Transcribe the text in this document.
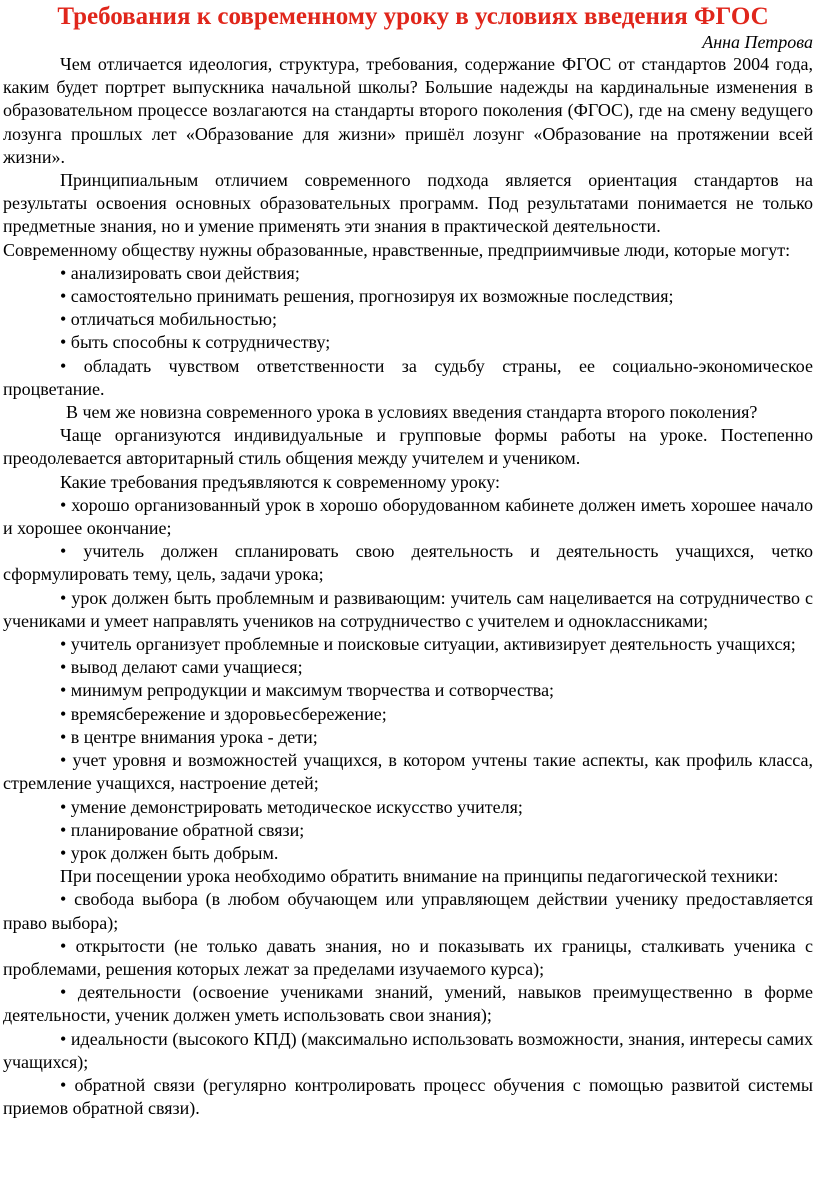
Требования к современному уроку в условиях введения ФГОС
Анна Петрова

Чем отличается идеология, структура, требования, содержание ФГОС от стандартов 2004 года, каким будет портрет выпускника начальной школы? Большие надежды на кардинальные изменения в образовательном процессе возлагаются на стандарты второго поколения (ФГОС), где на смену ведущего лозунга прошлых лет «Образование для жизни» пришёл лозунг «Образование на протяжении всей жизни».

Принципиальным отличием современного подхода является ориентация стандартов на результаты освоения основных образовательных программ. Под результатами понимается не только предметные знания, но и умение применять эти знания в практической деятельности.

Современному обществу нужны образованные, нравственные, предприимчивые люди, которые могут:

• анализировать свои действия;

• самостоятельно принимать решения, прогнозируя их возможные последствия;

• отличаться мобильностью;

• быть способны к сотрудничеству;

• обладать чувством ответственности за судьбу страны, ее социально-экономическое процветание.

В чем же новизна современного урока в условиях введения стандарта второго поколения?

Чаще организуются индивидуальные и групповые формы работы на уроке. Постепенно преодолевается авторитарный стиль общения между учителем и учеником.

Какие требования предъявляются к современному уроку:

• хорошо организованный урок в хорошо оборудованном кабинете должен иметь хорошее начало и хорошее окончание;

• учитель должен спланировать свою деятельность и деятельность учащихся, четко сформулировать тему, цель, задачи урока;

• урок должен быть проблемным и развивающим: учитель сам нацеливается на сотрудничество с учениками и умеет направлять учеников на сотрудничество с учителем и одноклассниками;

• учитель организует проблемные и поисковые ситуации, активизирует деятельность учащихся;

• вывод делают сами учащиеся;

• минимум репродукции и максимум творчества и сотворчества;

• времясбережение и здоровьесбережение;

• в центре внимания урока - дети;

• учет уровня и возможностей учащихся, в котором учтены такие аспекты, как профиль класса, стремление учащихся, настроение детей;

• умение демонстрировать методическое искусство учителя;

• планирование обратной связи;

• урок должен быть добрым.

При посещении урока необходимо обратить внимание на принципы педагогической техники:

• свобода выбора (в любом обучающем или управляющем действии ученику предоставляется право выбора);

• открытости (не только давать знания, но и показывать их границы, сталкивать ученика с проблемами, решения которых лежат за пределами изучаемого курса);

• деятельности (освоение учениками знаний, умений, навыков преимущественно в форме деятельности, ученик должен уметь использовать свои знания);

• идеальности (высокого КПД) (максимально использовать возможности, знания, интересы самих учащихся);

• обратной связи (регулярно контролировать процесс обучения с помощью развитой системы приемов обратной связи).
